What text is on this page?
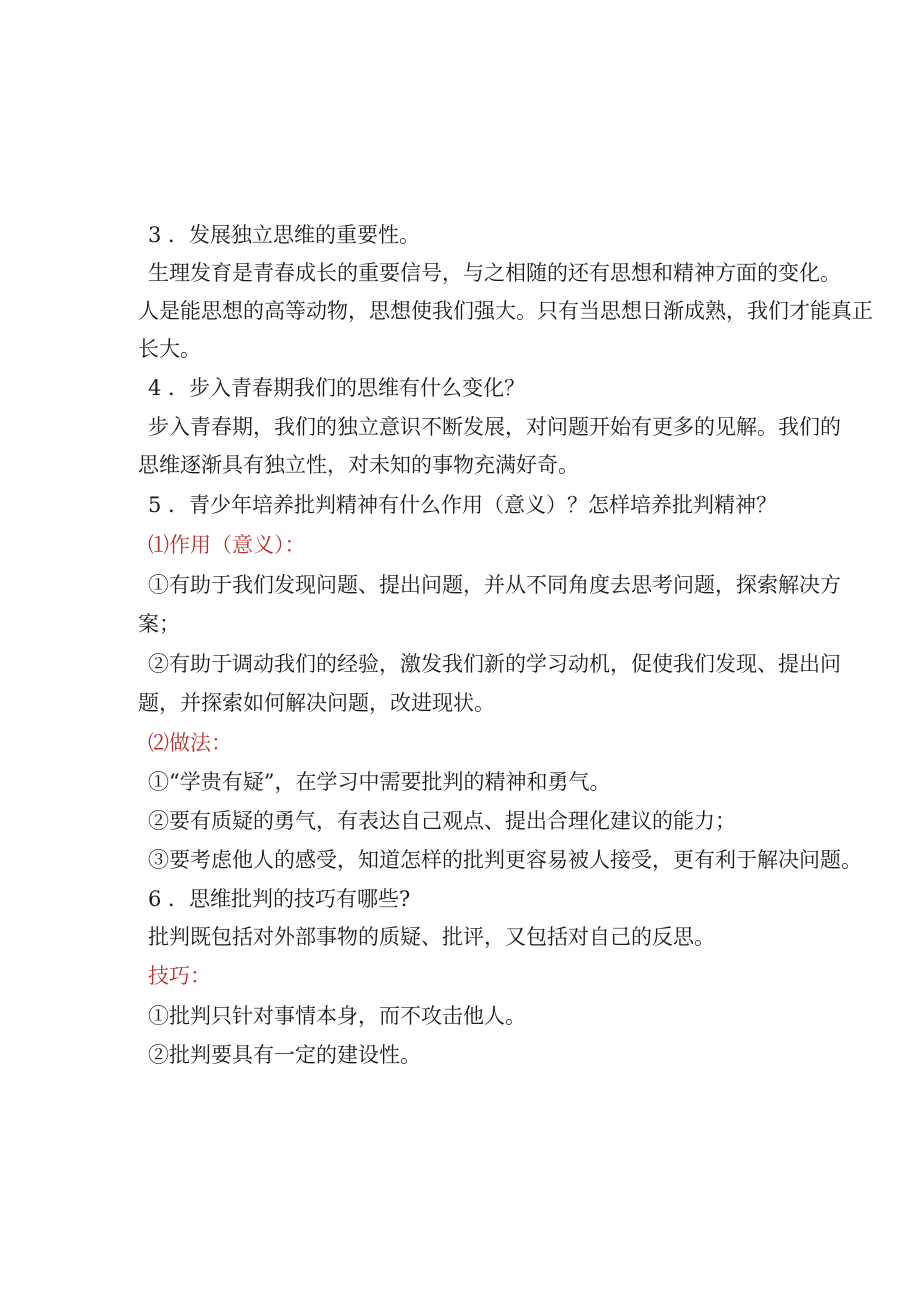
3 ．发展独立思维的重要性。

生理发育是青春成长的重要信号，与之相随的还有思想和精神方面的变化。

人是能思想的高等动物，思想使我们强大。只有当思想日渐成熟，我们才能真正

长大。

4 ．步入青春期我们的思维有什么变化？

步入青春期，我们的独立意识不断发展，对问题开始有更多的见解。我们的

思维逐渐具有独立性，对未知的事物充满好奇。

5 ．青少年培养批判精神有什么作用（意义）？怎样培养批判精神？

⑴作用（意义）：

①有助于我们发现问题、提出问题，并从不同角度去思考问题，探索解决方

案；

②有助于调动我们的经验，激发我们新的学习动机，促使我们发现、提出问

题，并探索如何解决问题，改进现状。

⑵做法：

①“学贵有疑”，在学习中需要批判的精神和勇气。

②要有质疑的勇气，有表达自己观点、提出合理化建议的能力；

③要考虑他人的感受，知道怎样的批判更容易被人接受，更有利于解决问题。

6 ．思维批判的技巧有哪些?

批判既包括对外部事物的质疑、批评，又包括对自己的反思。

技巧：

①批判只针对事情本身，而不攻击他人。

②批判要具有一定的建设性。
